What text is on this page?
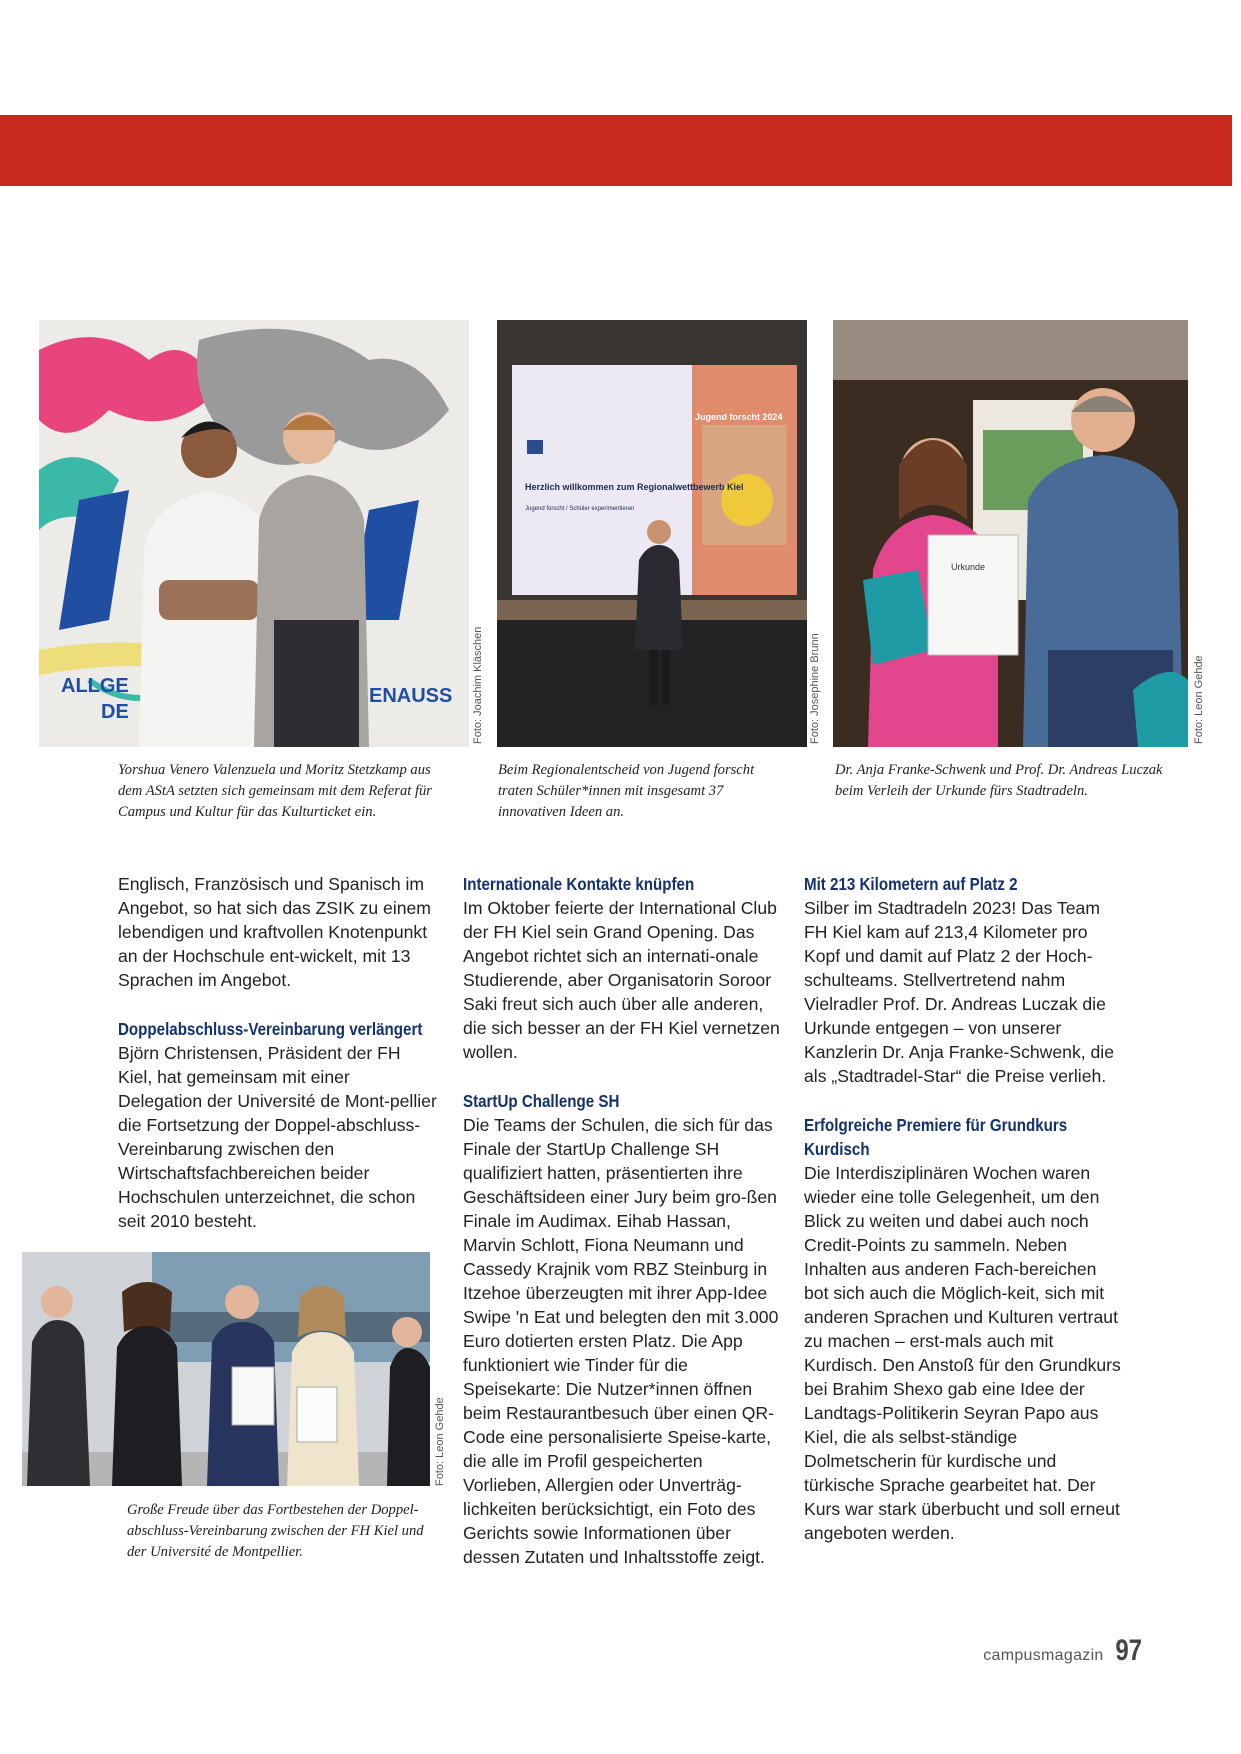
ALLGE	ENAUSS
DE	Foto: Joachim Kläschen
Yorshua Venero Valenzuela und Moritz Stetzkamp aus dem AStA setzten sich gemeinsam mit dem Referat für Campus und Kultur für das Kulturticket ein.
Jugend forscht 2024
Herzlich willkommen zum Regionalwettbewerb Kiel
Jugend forscht / Schüler experimentieren
Foto: Josephine Brunn
Beim Regionalentscheid von Jugend forscht traten Schüler*innen mit insgesamt 37 innovativen Ideen an.
Urkunde
Foto: Leon Gehde
Dr. Anja Franke-Schwenk und Prof. Dr. Andreas Luczak beim Verleih der Urkunde fürs Stadtradeln.
Foto: Leon Gehde
Große Freude über das Fortbestehen der Doppel-abschluss-Vereinbarung zwischen der FH Kiel und der Université de Montpellier.

Englisch, Französisch und Spanisch im Angebot, so hat sich das ZSIK zu einem lebendigen und kraftvollen Knotenpunkt an der Hochschule ent-wickelt, mit 13 Sprachen im Angebot.

Doppelabschluss-Vereinbarung verlängert

Björn Christensen, Präsident der FH Kiel, hat gemeinsam mit einer Delegation der Université de Mont-pellier die Fortsetzung der Doppel-abschluss-Vereinbarung zwischen den Wirtschaftsfachbereichen beider Hochschulen unterzeichnet, die schon seit 2010 besteht.

Internationale Kontakte knüpfen

Im Oktober feierte der International Club der FH Kiel sein Grand Opening. Das Angebot richtet sich an internati-onale Studierende, aber Organisatorin Soroor Saki freut sich auch über alle anderen, die sich besser an der FH Kiel vernetzen wollen.

StartUp Challenge SH

Die Teams der Schulen, die sich für das Finale der StartUp Challenge SH qualifiziert hatten, präsentierten ihre Geschäftsideen einer Jury beim gro-ßen Finale im Audimax. Eihab Hassan, Marvin Schlott, Fiona Neumann und Cassedy Krajnik vom RBZ Steinburg in Itzehoe überzeugten mit ihrer App-Idee Swipe 'n Eat und belegten den mit 3.000 Euro dotierten ersten Platz. Die App funktioniert wie Tinder für die Speisekarte: Die Nutzer*innen öffnen beim Restaurantbesuch über einen QR-Code eine personalisierte Speise-karte, die alle im Profil gespeicherten Vorlieben, Allergien oder Unverträg-lichkeiten berücksichtigt, ein Foto des Gerichts sowie Informationen über dessen Zutaten und Inhaltsstoffe zeigt.

Mit 213 Kilometern auf Platz 2

Silber im Stadtradeln 2023! Das Team FH Kiel kam auf 213,4 Kilometer pro Kopf und damit auf Platz 2 der Hoch-schulteams. Stellvertretend nahm Vielradler Prof. Dr. Andreas Luczak die Urkunde entgegen – von unserer Kanzlerin Dr. Anja Franke-Schwenk, die als „Stadtradel-Star“ die Preise verlieh.

Erfolgreiche Premiere für Grundkurs Kurdisch

Die Interdisziplinären Wochen waren wieder eine tolle Gelegenheit, um den Blick zu weiten und dabei auch noch Credit-Points zu sammeln. Neben Inhalten aus anderen Fach-bereichen bot sich auch die Möglich-keit, sich mit anderen Sprachen und Kulturen vertraut zu machen – erst-mals auch mit Kurdisch. Den Anstoß für den Grundkurs bei Brahim Shexo gab eine Idee der Landtags-Politikerin Seyran Papo aus Kiel, die als selbst-ständige Dolmetscherin für kurdische und türkische Sprache gearbeitet hat. Der Kurs war stark überbucht und soll erneut angeboten werden.

campusmagazin 97
